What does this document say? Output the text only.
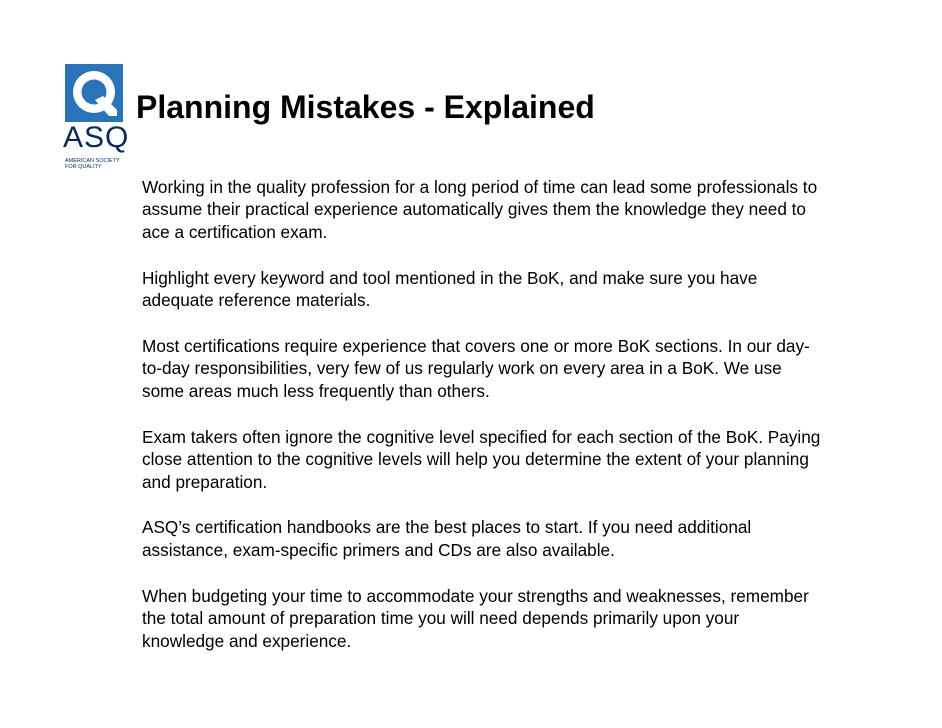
ASQ
AMERICAN SOCIETY
FOR QUALITY
Planning Mistakes - Explained

Working in the quality profession for a long period of time can lead some professionals to assume their practical experience automatically gives them the knowledge they need to ace a certification exam.

Highlight every keyword and tool mentioned in the BoK, and make sure you have adequate reference materials.

Most certifications require experience that covers one or more BoK sections. In our day-to-day responsibilities, very few of us regularly work on every area in a BoK. We use some areas much less frequently than others.

Exam takers often ignore the cognitive level specified for each section of the BoK. Paying close attention to the cognitive levels will help you determine the extent of your planning and preparation.

ASQ’s certification handbooks are the best places to start. If you need additional assistance, exam-specific primers and CDs are also available.

When budgeting your time to accommodate your strengths and weaknesses, remember the total amount of preparation time you will need depends primarily upon your knowledge and experience.
